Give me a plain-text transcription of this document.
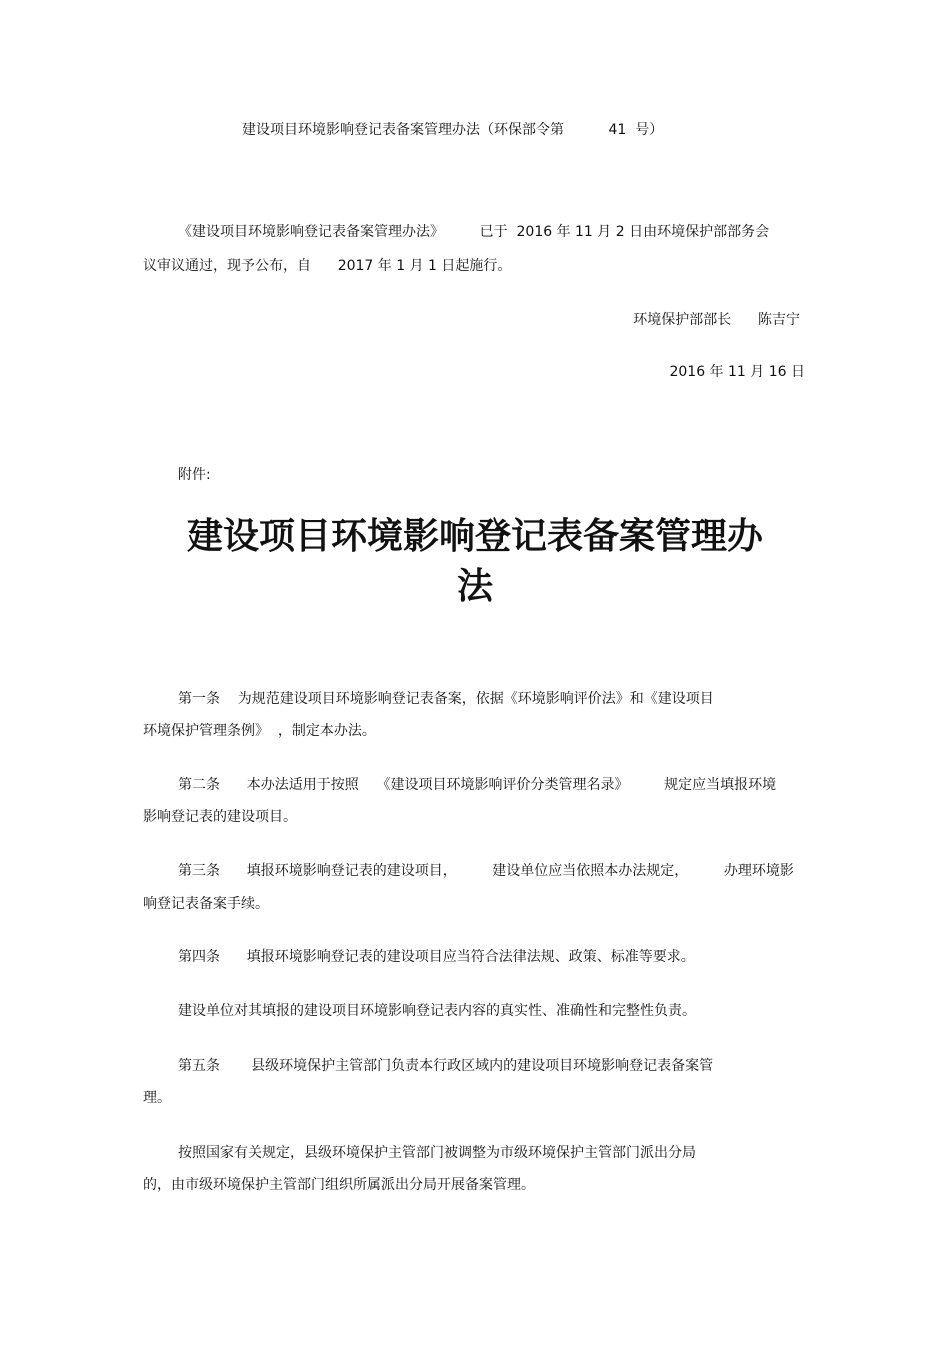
建设项目环境影响登记表备案管理办法（环保部令第          41  号）

《建设项目环境影响登记表备案管理办法》        已于  2016 年 11 月 2 日由环境保护部部务会

议审议通过，现予公布，自      2017 年 1 月 1 日起施行。

环境保护部部长      陈吉宁

2016 年 11 月 16 日

附件:

建设项目环境影响登记表备案管理办
法

第一条    为规范建设项目环境影响登记表备案，依据《环境影响评价法》和《建设项目

环境保护管理条例》  ，制定本办法。

第二条      本办法适用于按照    《建设项目环境影响评价分类管理名录》        规定应当填报环境

影响登记表的建设项目。

第三条      填报环境影响登记表的建设项目，        建设单位应当依照本办法规定，        办理环境影

响登记表备案手续。

第四条      填报环境影响登记表的建设项目应当符合法律法规、政策、标准等要求。

建设单位对其填报的建设项目环境影响登记表内容的真实性、准确性和完整性负责。

第五条       县级环境保护主管部门负责本行政区域内的建设项目环境影响登记表备案管

理。

按照国家有关规定，县级环境保护主管部门被调整为市级环境保护主管部门派出分局

的，由市级环境保护主管部门组织所属派出分局开展备案管理。
